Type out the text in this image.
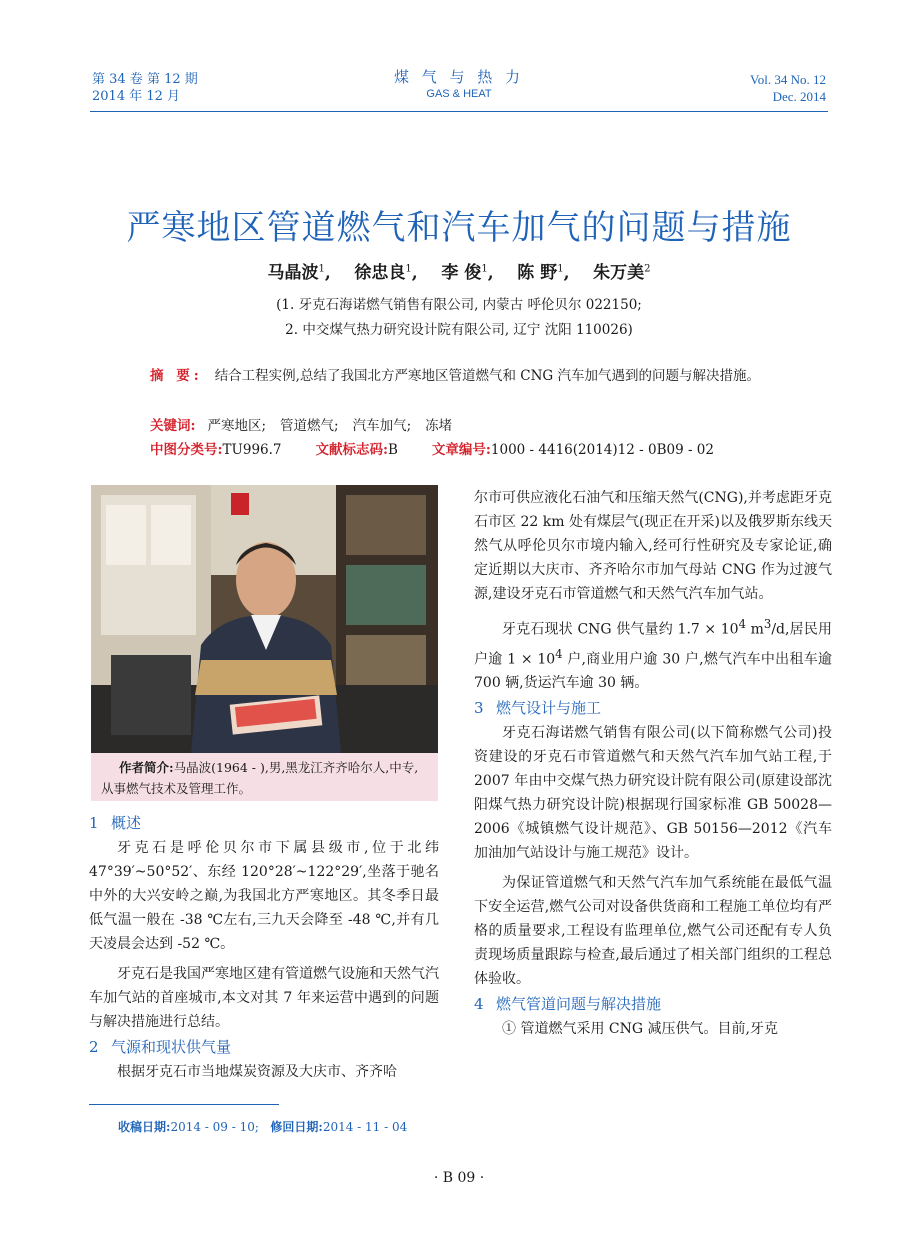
第 34 卷 第 12 期
2014 年 12 月
煤 气 与 热 力
GAS & HEAT
Vol. 34 No. 12
Dec. 2014
严寒地区管道燃气和汽车加气的问题与措施
马晶波$^1$,    徐忠良$^1$,    李 俊$^1$,    陈 野$^1$,    朱万美$^2$
(1. 牙克石海诺燃气销售有限公司, 内蒙古 呼伦贝尔 022150;
2. 中交煤气热力研究设计院有限公司, 辽宁 沈阳 110026)
摘 要: 结合工程实例,总结了我国北方严寒地区管道燃气和 CNG 汽车加气遇到的问题与解决措施。
关键词: 严寒地区; 管道燃气; 汽车加气; 冻堵
中图分类号:TU996.7	文献标志码:B	文章编号:1000 - 4416(2014)12 - 0B09 - 02
作者简介:马晶波(1964 - ),男,黑龙江齐齐哈尔人,中专,从事燃气技术及管理工作。
1 概述

牙克石是呼伦贝尔市下属县级市,位于北纬 47°39′~50°52′、东经 120°28′~122°29′,坐落于驰名中外的大兴安岭之巅,为我国北方严寒地区。其冬季日最低气温一般在 -38 ℃左右,三九天会降至 -48 ℃,并有几天凌晨会达到 -52 ℃。

牙克石是我国严寒地区建有管道燃气设施和天然气汽车加气站的首座城市,本文对其 7 年来运营中遇到的问题与解决措施进行总结。

2 气源和现状供气量

根据牙克石市当地煤炭资源及大庆市、齐齐哈

尔市可供应液化石油气和压缩天然气(CNG),并考虑距牙克石市区 22 km 处有煤层气(现正在开采)以及俄罗斯东线天然气从呼伦贝尔市境内输入,经可行性研究及专家论证,确定近期以大庆市、齐齐哈尔市加气母站 CNG 作为过渡气源,建设牙克石市管道燃气和天然气汽车加气站。

牙克石现状 CNG 供气量约 $1.7 \times 10^4$ $m^3/d$,居民用户逾 $1 \times 10^4$ 户,商业用户逾 30 户,燃气汽车中出租车逾 700 辆,货运汽车逾 30 辆。

3 燃气设计与施工

牙克石海诺燃气销售有限公司(以下简称燃气公司)投资建设的牙克石市管道燃气和天然气汽车加气站工程,于 2007 年由中交煤气热力研究设计院有限公司(原建设部沈阳煤气热力研究设计院)根据现行国家标准 GB 50028—2006《城镇燃气设计规范》、GB 50156—2012《汽车加油加气站设计与施工规范》设计。

为保证管道燃气和天然气汽车加气系统能在最低气温下安全运营,燃气公司对设备供货商和工程施工单位均有严格的质量要求,工程设有监理单位,燃气公司还配有专人负责现场质量跟踪与检查,最后通过了相关部门组织的工程总体验收。

4 燃气管道问题与解决措施

① 管道燃气采用 CNG 减压供气。目前,牙克

收稿日期:2014 - 09 - 10; 修回日期:2014 - 11 - 04
· B 09 ·
